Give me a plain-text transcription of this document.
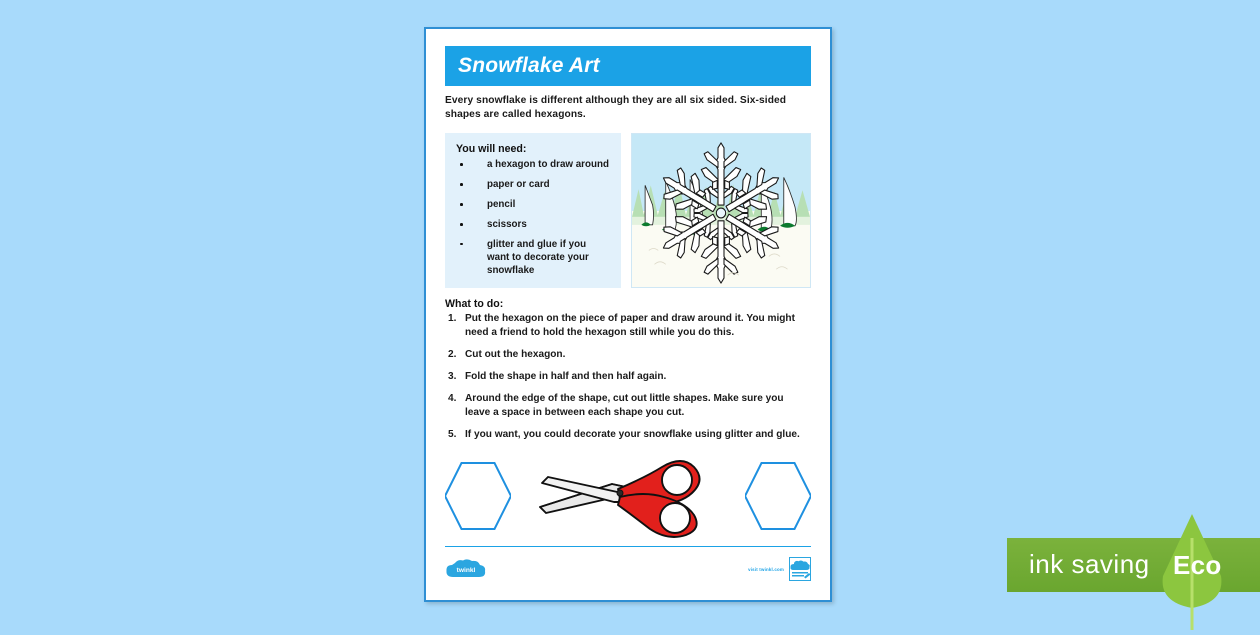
Snowflake Art

Every snowflake is different although they are all six sided. Six-sided shapes are called hexagons.

You will need:
a hexagon to draw around
paper or card
pencil
scissors
glitter and glue if you want to decorate your snowflake
What to do:
1. Put the hexagon on the piece of paper and draw around it. You might need a friend to hold the hexagon still while you do this.
2. Cut out the hexagon.
3. Fold the shape in half and then half again.
4. Around the edge of the shape, cut out little shapes. Make sure you leave a space in between each shape you cut.
5. If you want, you could decorate your snowflake using glitter and glue.
twinkl	visit twinkl.com	ink saving Eco
